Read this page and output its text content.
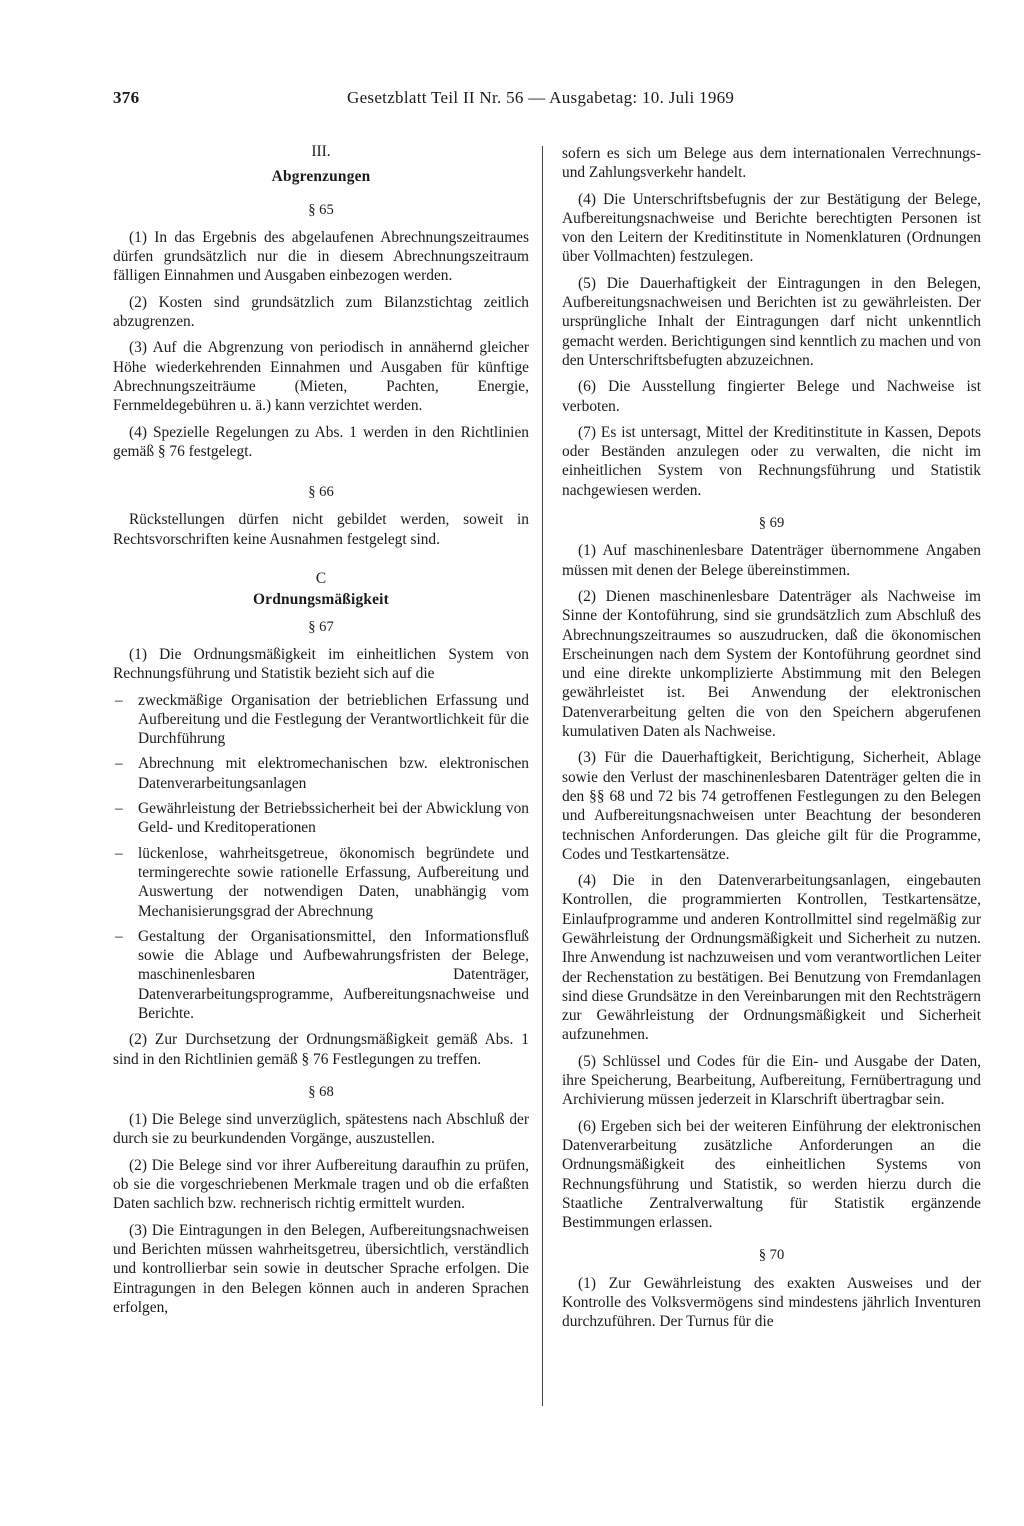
376	Gesetzblatt Teil II Nr. 56 — Ausgabetag: 10. Juli 1969
III.
Abgrenzungen
§ 65

(1) In das Ergebnis des abgelaufenen Abrechnungszeitraumes dürfen grundsätzlich nur die in diesem Abrechnungszeitraum fälligen Einnahmen und Ausgaben einbezogen werden.

(2) Kosten sind grundsätzlich zum Bilanzstichtag zeitlich abzugrenzen.

(3) Auf die Abgrenzung von periodisch in annähernd gleicher Höhe wiederkehrenden Einnahmen und Ausgaben für künftige Abrechnungszeiträume (Mieten, Pachten, Energie, Fernmeldegebühren u. ä.) kann verzichtet werden.

(4) Spezielle Regelungen zu Abs. 1 werden in den Richtlinien gemäß § 76 festgelegt.

§ 66

Rückstellungen dürfen nicht gebildet werden, soweit in Rechtsvorschriften keine Ausnahmen festgelegt sind.

C
Ordnungsmäßigkeit
§ 67

(1) Die Ordnungsmäßigkeit im einheitlichen System von Rechnungsführung und Statistik bezieht sich auf die

– zweckmäßige Organisation der betrieblichen Erfassung und Aufbereitung und die Festlegung der Verantwortlichkeit für die Durchführung
– Abrechnung mit elektromechanischen bzw. elektronischen Datenverarbeitungsanlagen
– Gewährleistung der Betriebssicherheit bei der Abwicklung von Geld- und Kreditoperationen
– lückenlose, wahrheitsgetreue, ökonomisch begründete und termingerechte sowie rationelle Erfassung, Aufbereitung und Auswertung der notwendigen Daten, unabhängig vom Mechanisierungsgrad der Abrechnung
– Gestaltung der Organisationsmittel, den Informationsfluß sowie die Ablage und Aufbewahrungsfristen der Belege, maschinenlesbaren Datenträger, Datenverarbeitungsprogramme, Aufbereitungsnachweise und Berichte.

(2) Zur Durchsetzung der Ordnungsmäßigkeit gemäß Abs. 1 sind in den Richtlinien gemäß § 76 Festlegungen zu treffen.

§ 68

(1) Die Belege sind unverzüglich, spätestens nach Abschluß der durch sie zu beurkundenden Vorgänge, auszustellen.

(2) Die Belege sind vor ihrer Aufbereitung daraufhin zu prüfen, ob sie die vorgeschriebenen Merkmale tragen und ob die erfaßten Daten sachlich bzw. rechnerisch richtig ermittelt wurden.

(3) Die Eintragungen in den Belegen, Aufbereitungsnachweisen und Berichten müssen wahrheitsgetreu, übersichtlich, verständlich und kontrollierbar sein sowie in deutscher Sprache erfolgen. Die Eintragungen in den Belegen können auch in anderen Sprachen erfolgen,

sofern es sich um Belege aus dem internationalen Verrechnungs- und Zahlungsverkehr handelt.

(4) Die Unterschriftsbefugnis der zur Bestätigung der Belege, Aufbereitungsnachweise und Berichte berechtigten Personen ist von den Leitern der Kreditinstitute in Nomenklaturen (Ordnungen über Vollmachten) festzulegen.

(5) Die Dauerhaftigkeit der Eintragungen in den Belegen, Aufbereitungsnachweisen und Berichten ist zu gewährleisten. Der ursprüngliche Inhalt der Eintragungen darf nicht unkenntlich gemacht werden. Berichtigungen sind kenntlich zu machen und von den Unterschriftsbefugten abzuzeichnen.

(6) Die Ausstellung fingierter Belege und Nachweise ist verboten.

(7) Es ist untersagt, Mittel der Kreditinstitute in Kassen, Depots oder Beständen anzulegen oder zu verwalten, die nicht im einheitlichen System von Rechnungsführung und Statistik nachgewiesen werden.

§ 69

(1) Auf maschinenlesbare Datenträger übernommene Angaben müssen mit denen der Belege übereinstimmen.

(2) Dienen maschinenlesbare Datenträger als Nachweise im Sinne der Kontoführung, sind sie grundsätzlich zum Abschluß des Abrechnungszeitraumes so auszudrucken, daß die ökonomischen Erscheinungen nach dem System der Kontoführung geordnet sind und eine direkte unkomplizierte Abstimmung mit den Belegen gewährleistet ist. Bei Anwendung der elektronischen Datenverarbeitung gelten die von den Speichern abgerufenen kumulativen Daten als Nachweise.

(3) Für die Dauerhaftigkeit, Berichtigung, Sicherheit, Ablage sowie den Verlust der maschinenlesbaren Datenträger gelten die in den §§ 68 und 72 bis 74 getroffenen Festlegungen zu den Belegen und Aufbereitungsnachweisen unter Beachtung der besonderen technischen Anforderungen. Das gleiche gilt für die Programme, Codes und Testkartensätze.

(4) Die in den Datenverarbeitungsanlagen, eingebauten Kontrollen, die programmierten Kontrollen, Testkartensätze, Einlaufprogramme und anderen Kontrollmittel sind regelmäßig zur Gewährleistung der Ordnungsmäßigkeit und Sicherheit zu nutzen. Ihre Anwendung ist nachzuweisen und vom verantwortlichen Leiter der Rechenstation zu bestätigen. Bei Benutzung von Fremdanlagen sind diese Grundsätze in den Vereinbarungen mit den Rechtsträgern zur Gewährleistung der Ordnungsmäßigkeit und Sicherheit aufzunehmen.

(5) Schlüssel und Codes für die Ein- und Ausgabe der Daten, ihre Speicherung, Bearbeitung, Aufbereitung, Fernübertragung und Archivierung müssen jederzeit in Klarschrift übertragbar sein.

(6) Ergeben sich bei der weiteren Einführung der elektronischen Datenverarbeitung zusätzliche Anforderungen an die Ordnungsmäßigkeit des einheitlichen Systems von Rechnungsführung und Statistik, so werden hierzu durch die Staatliche Zentralverwaltung für Statistik ergänzende Bestimmungen erlassen.

§ 70

(1) Zur Gewährleistung des exakten Ausweises und der Kontrolle des Volksvermögens sind mindestens jährlich Inventuren durchzuführen. Der Turnus für die
